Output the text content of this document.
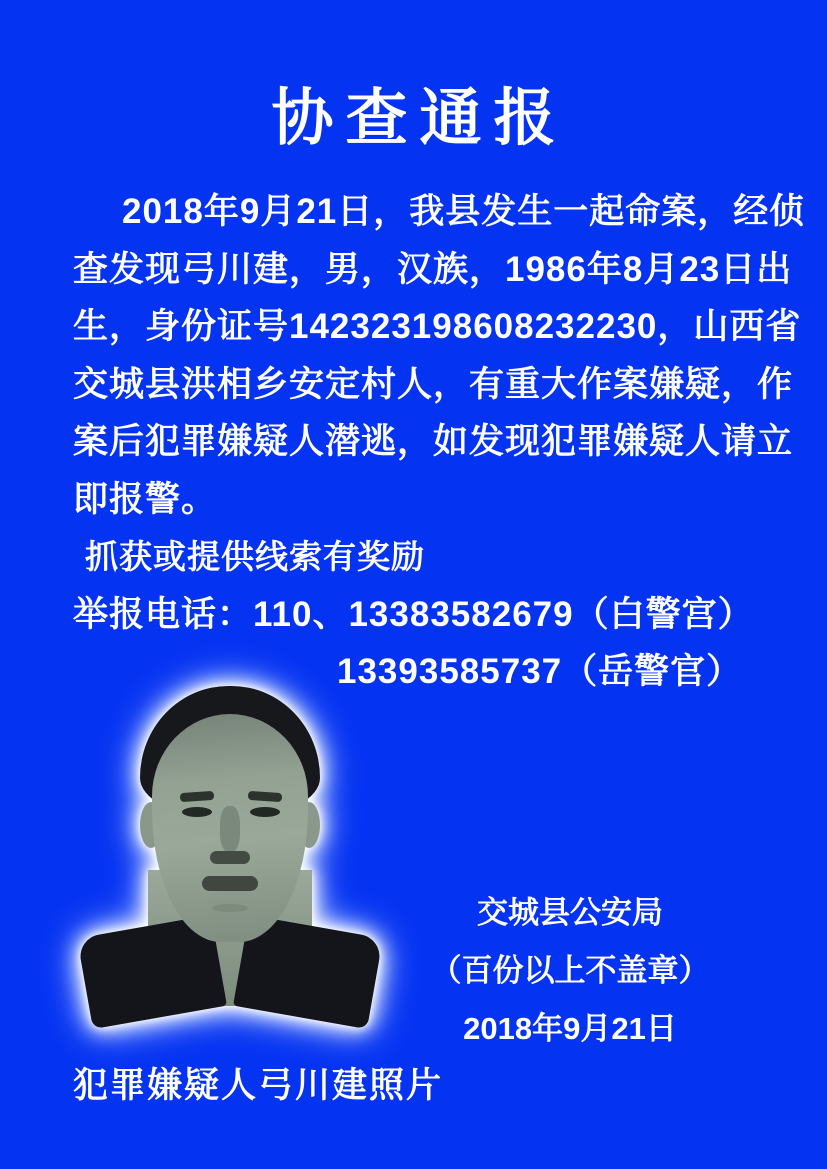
协查通报
2018年9月21日，我县发生一起命案，经侦
查发现弓川建，男，汉族，1986年8月23日出
生，身份证号142323198608232230，山西省
交城县洪相乡安定村人，有重大作案嫌疑，作
案后犯罪嫌疑人潜逃，如发现犯罪嫌疑人请立
即报警。
抓获或提供线索有奖励
举报电话：110、13383582679（白警宫）
13393585737（岳警官）
交城县公安局
（百份以上不盖章）
2018年9月21日
犯罪嫌疑人弓川建照片
